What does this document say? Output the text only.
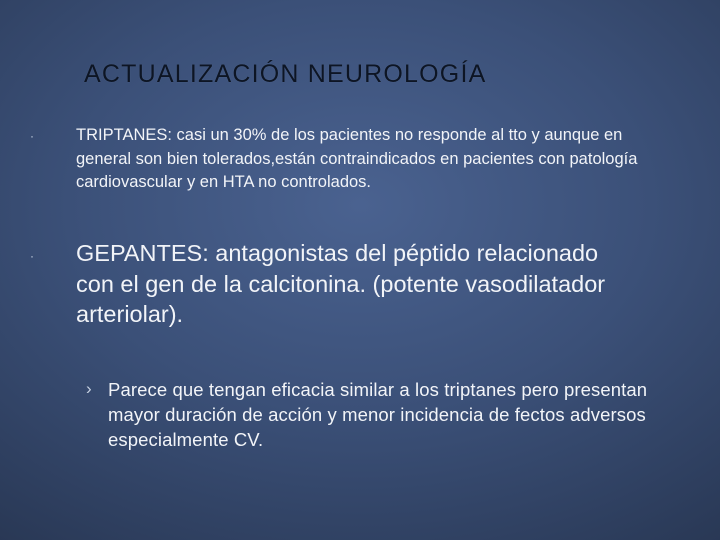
ACTUALIZACIÓN NEUROLOGÍA
·	TRIPTANES: casi un 30% de los pacientes no responde al tto y aunque en general son bien tolerados,están contraindicados en pacientes con patología cardiovascular y en HTA no controlados.
· GEPANTES: antagonistas del péptido relacionado con el gen de la calcitonina. (potente vasodilatador arteriolar).
› Parece que tengan eficacia similar a los triptanes pero presentan mayor duración de acción y menor incidencia de fectos adversos especialmente CV.
